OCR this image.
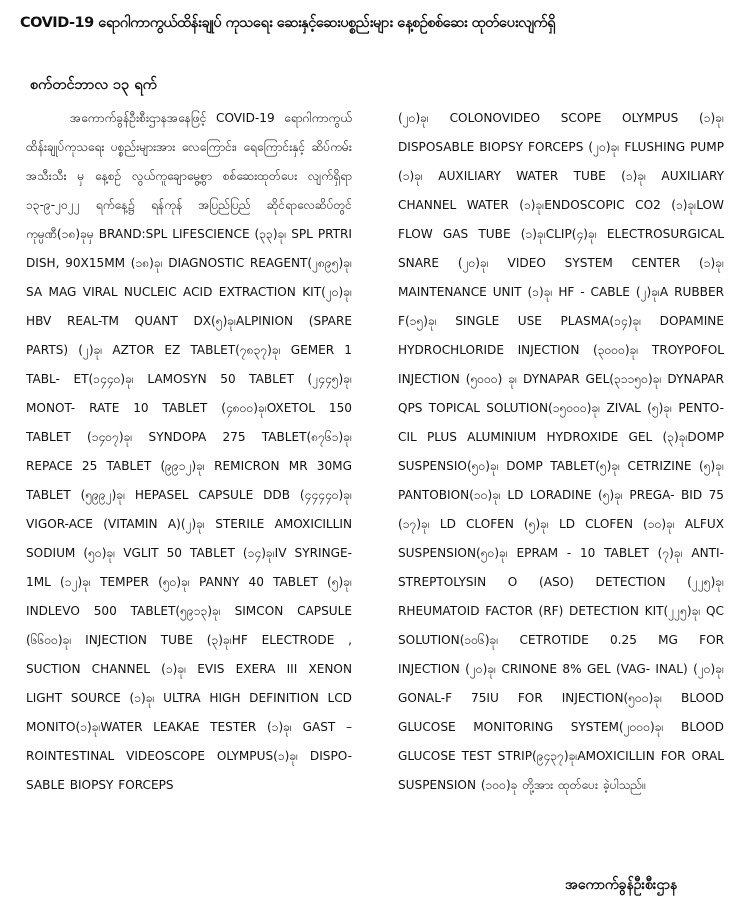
COVID-19 ရောဂါကာကွယ်ထိန်းချုပ် ကုသရေး ဆေးနှင့်ဆေးပစ္စည်းများ နေ့စဉ်စစ်ဆေး ထုတ်ပေးလျက်ရှိ
စက်တင်ဘာလ ၁၃ ရက်

အကောက်ခွန်ဦးစီးဌာနအနေဖြင့် COVID-19 ရောဂါကာကွယ်ထိန်းချုပ်ကုသရေး ပစ္စည်းများအား လေကြောင်း၊ ရေကြောင်းနှင့် ဆိပ်ကမ်းအသီးသီး မှ နေ့စဉ် လွယ်ကူချောမွေ့စွာ စစ်ဆေးထုတ်ပေး လျက်ရှိရာ ၁၃-၉-၂၀၂၂ ရက်နေ့၌ ရန်ကုန် အပြည်ပြည် ဆိုင်ရာလေဆိပ်တွင် ကုမ္ပဏီ(၁၈)ခုမှ BRAND:SPL LIFESCIENCE (၃၃)ခု၊ SPL PRTRI DISH, 90X15MM (၁၈)ခု၊ DIAGNOSTIC REAGENT(၂၈၉၅)ခု၊ SA MAG VIRAL NUCLEIC ACID EXTRACTION KIT(၂၀)ခု၊ HBV REAL-TM QUANT DX(၅)ခု၊ALPINION (SPARE PARTS) (၂)ခု၊ AZTOR EZ TABLET(၇၈၃၇)ခု၊ GEMER 1 TABL- ET(၁၄၄၀)ခု၊ LAMOSYN 50 TABLET (၂၄၄၅)ခု၊ MONOT- RATE 10 TABLET (၄၈၀၀)ခု၊OXETOL 150 TABLET (၁၄၀၇)ခု၊ SYNDOPA 275 TABLET(၈၇၆၁)ခု၊ REPACE 25 TABLET (၉၉၁၂)ခု၊ REMICRON MR 30MG TABLET (၅၉၉၂)ခု၊ HEPASEL CAPSULE DDB (၄၄၄၄၀)ခု၊VIGOR-ACE (VITAMIN A)(၂)ခု၊ STERILE AMOXICILLIN SODIUM (၅၀)ခု၊ VGLIT 50 TABLET (၁၄)ခု၊IV SYRINGE-1ML (၁၂)ခု၊ TEMPER (၅၀)ခု၊ PANNY 40 TABLET (၅)ခု၊ INDLEVO 500 TABLET(၅၉၁၃)ခု၊ SIMCON CAPSULE (၆၆၀၀)ခု၊ INJECTION TUBE (၃)ခု၊HF ELECTRODE , SUCTION CHANNEL (၁)ခု၊ EVIS EXERA III XENON LIGHT SOURCE (၁)ခု၊ ULTRA HIGH DEFINITION LCD MONITO(၁)ခု၊WATER LEAKAE TESTER (၁)ခု၊ GAST –ROINTESTINAL VIDEOSCOPE OLYMPUS(၁)ခု၊ DISPO- SABLE BIOPSY FORCEPS

(၂၀)ခု၊ COLONOVIDEO SCOPE OLYMPUS (၁)ခု၊ DISPOSABLE BIOPSY FORCEPS (၂၀)ခု၊ FLUSHING PUMP (၁)ခု၊ AUXILIARY WATER TUBE (၁)ခု၊ AUXILIARY CHANNEL WATER (၁)ခု၊ENDOSCOPIC CO2 (၁)ခု၊LOW FLOW GAS TUBE (၁)ခု၊CLIP(၄)ခု၊ ELECTROSURGICAL SNARE (၂၀)ခု၊ VIDEO SYSTEM CENTER (၁)ခု၊MAINTENANCE UNIT (၁)ခု၊ HF - CABLE (၂)ခု၊A RUBBER F(၁၅)ခု၊ SINGLE USE PLASMA(၁၄)ခု၊ DOPAMINE HYDROCHLORIDE INJECTION (၃၀၀၀)ခု၊ TROYPOFOL INJECTION (၅၀၀၀) ခု၊ DYNAPAR GEL(၃၁၁၅၀)ခု၊ DYNAPAR QPS TOPICAL SOLUTION(၁၅၀၀၀)ခု၊ ZIVAL (၅)ခု၊ PENTO- CIL PLUS ALUMINIUM HYDROXIDE GEL (၃)ခု၊DOMP SUSPENSIO(၅၀)ခု၊ DOMP TABLET(၅)ခု၊ CETRIZINE (၅)ခု၊ PANTOBION(၁၀)ခု၊ LD LORADINE (၅)ခု၊ PREGA- BID 75 (၁၇)ခု၊ LD CLOFEN (၅)ခု၊ LD CLOFEN (၁၀)ခု၊ ALFUX SUSPENSION(၅၀)ခု၊ EPRAM - 10 TABLET (၇)ခု၊ ANTI-STREPTOLYSIN O (ASO) DETECTION (၂၂၅)ခု၊ RHEUMATOID FACTOR (RF) DETECTION KIT(၂၂၅)ခု၊ QC SOLUTION(၁၀၆)ခု၊ CETROTIDE 0.25 MG FOR INJECTION (၂၀)ခု၊ CRINONE 8% GEL (VAG- INAL) (၂၀)ခု၊ GONAL-F 75IU FOR INJECTION(၅၀၀)ခု၊ BLOOD GLUCOSE MONITORING SYSTEM(၂၀၀၀)ခု၊ BLOOD GLUCOSE TEST STRIP(၉၄၃၇)ခု၊AMOXICILLIN FOR ORAL SUSPENSION (၁၀၀)ခု တို့အား ထုတ်ပေး ခဲ့ပါသည်။

အကောက်ခွန်ဦးစီးဌာန
